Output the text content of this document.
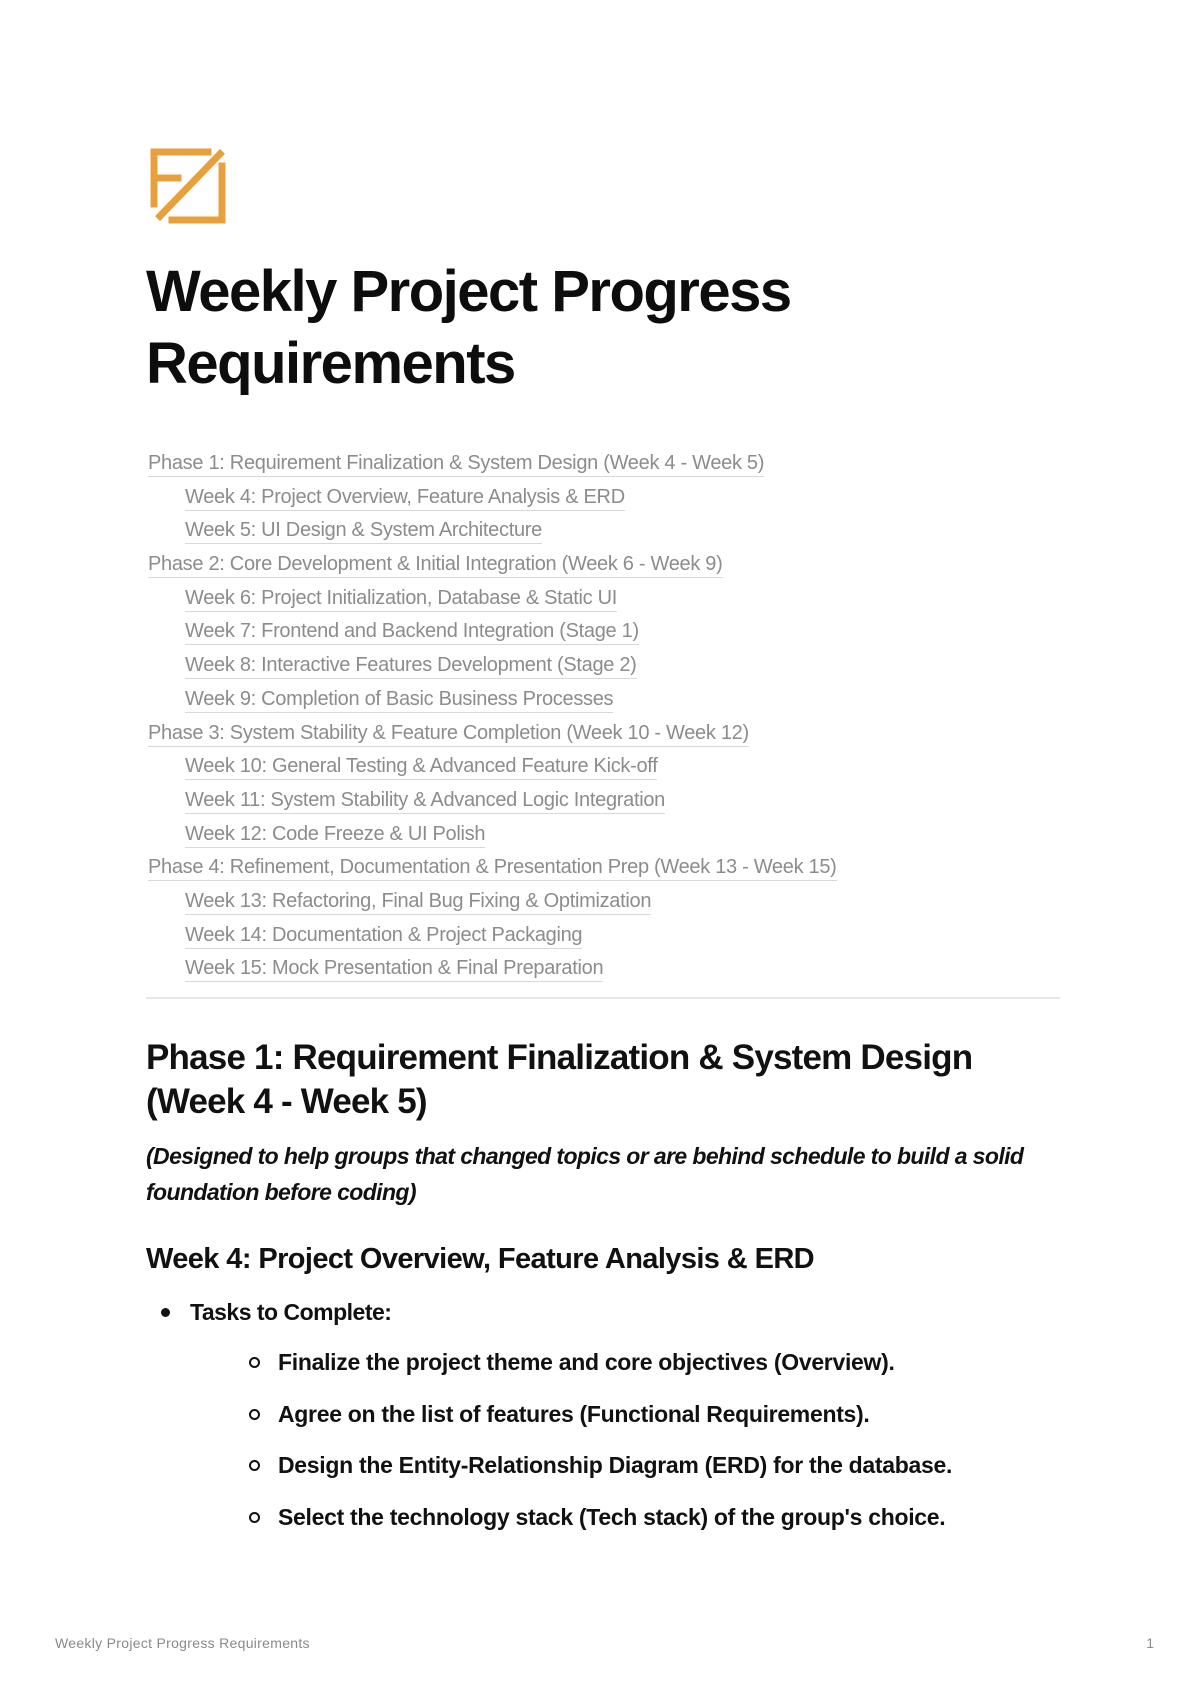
Weekly Project Progress Requirements
Phase 1: Requirement Finalization & System Design (Week 4 - Week 5)
Week 4: Project Overview, Feature Analysis & ERD
Week 5: UI Design & System Architecture
Phase 2: Core Development & Initial Integration (Week 6 - Week 9)
Week 6: Project Initialization, Database & Static UI
Week 7: Frontend and Backend Integration (Stage 1)
Week 8: Interactive Features Development (Stage 2)
Week 9: Completion of Basic Business Processes
Phase 3: System Stability & Feature Completion (Week 10 - Week 12)
Week 10: General Testing & Advanced Feature Kick-off
Week 11: System Stability & Advanced Logic Integration
Week 12: Code Freeze & UI Polish
Phase 4: Refinement, Documentation & Presentation Prep (Week 13 - Week 15)
Week 13: Refactoring, Final Bug Fixing & Optimization
Week 14: Documentation & Project Packaging
Week 15: Mock Presentation & Final Preparation
Phase 1: Requirement Finalization & System Design (Week 4 - Week 5)

(Designed to help groups that changed topics or are behind schedule to build a solid foundation before coding)

Week 4: Project Overview, Feature Analysis & ERD
Tasks to Complete:
Finalize the project theme and core objectives (Overview).
Agree on the list of features (Functional Requirements).
Design the Entity-Relationship Diagram (ERD) for the database.
Select the technology stack (Tech stack) of the group's choice.
Weekly Project Progress Requirements	1
